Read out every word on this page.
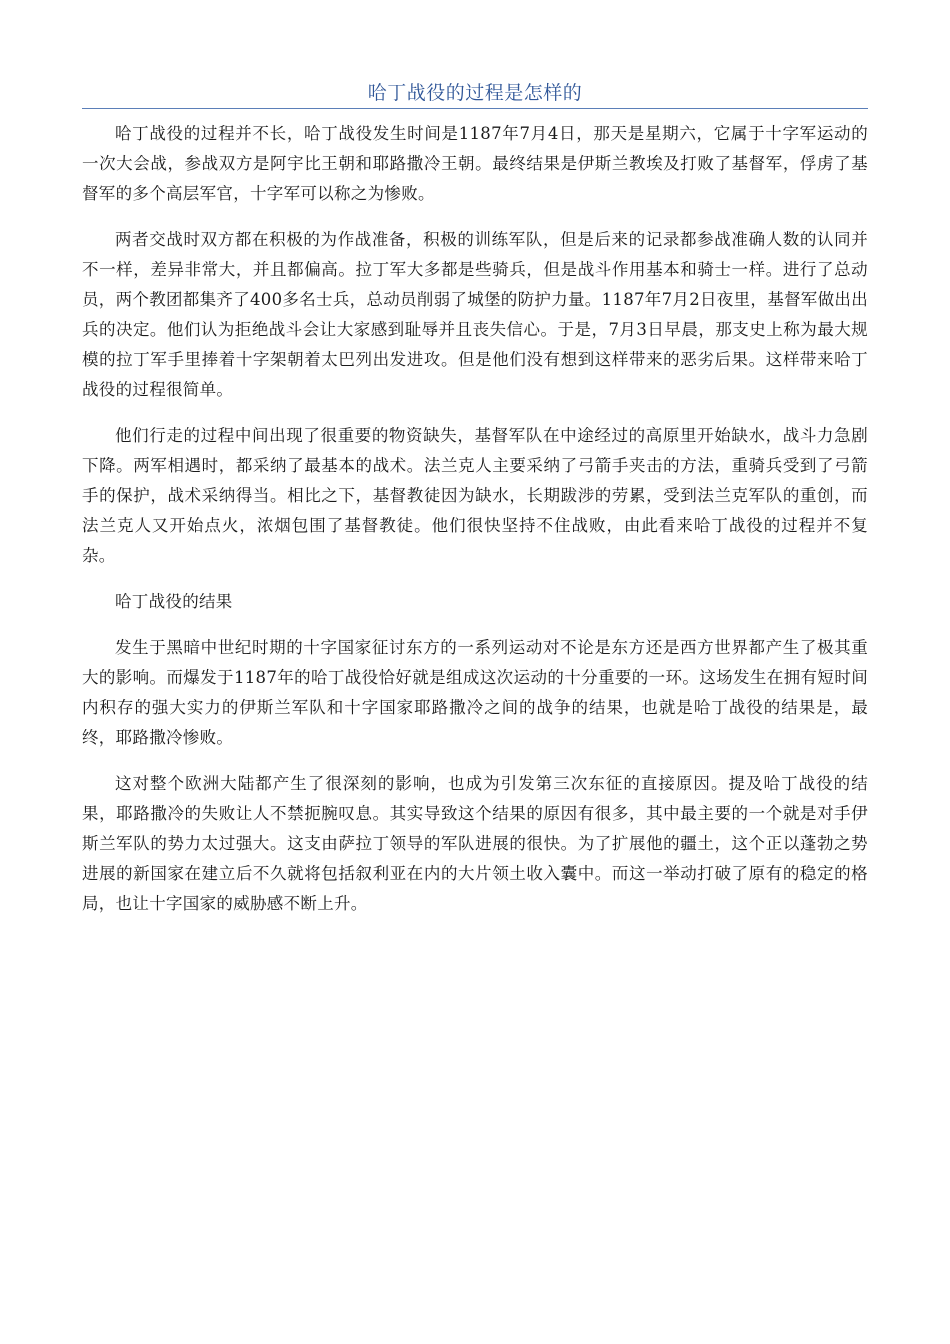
哈丁战役的过程是怎样的

哈丁战役的过程并不长，哈丁战役发生时间是1187年7月4日，那天是星期六，它属于十字军运动的一次大会战，参战双方是阿宇比王朝和耶路撒冷王朝。最终结果是伊斯兰教埃及打败了基督军，俘虏了基督军的多个高层军官，十字军可以称之为惨败。

两者交战时双方都在积极的为作战准备，积极的训练军队，但是后来的记录都参战准确人数的认同并不一样，差异非常大，并且都偏高。拉丁军大多都是些骑兵，但是战斗作用基本和骑士一样。进行了总动员，两个教团都集齐了400多名士兵，总动员削弱了城堡的防护力量。1187年7月2日夜里，基督军做出出兵的决定。他们认为拒绝战斗会让大家感到耻辱并且丧失信心。于是，7月3日早晨，那支史上称为最大规模的拉丁军手里捧着十字架朝着太巴列出发进攻。但是他们没有想到这样带来的恶劣后果。这样带来哈丁战役的过程很简单。

他们行走的过程中间出现了很重要的物资缺失，基督军队在中途经过的高原里开始缺水，战斗力急剧下降。两军相遇时，都采纳了最基本的战术。法兰克人主要采纳了弓箭手夹击的方法，重骑兵受到了弓箭手的保护，战术采纳得当。相比之下，基督教徒因为缺水，长期跋涉的劳累，受到法兰克军队的重创，而法兰克人又开始点火，浓烟包围了基督教徒。他们很快坚持不住战败，由此看来哈丁战役的过程并不复杂。

哈丁战役的结果

发生于黑暗中世纪时期的十字国家征讨东方的一系列运动对不论是东方还是西方世界都产生了极其重大的影响。而爆发于1187年的哈丁战役恰好就是组成这次运动的十分重要的一环。这场发生在拥有短时间内积存的强大实力的伊斯兰军队和十字国家耶路撒冷之间的战争的结果，也就是哈丁战役的结果是，最终，耶路撒冷惨败。

这对整个欧洲大陆都产生了很深刻的影响，也成为引发第三次东征的直接原因。提及哈丁战役的结果，耶路撒冷的失败让人不禁扼腕叹息。其实导致这个结果的原因有很多，其中最主要的一个就是对手伊斯兰军队的势力太过强大。这支由萨拉丁领导的军队进展的很快。为了扩展他的疆土，这个正以蓬勃之势进展的新国家在建立后不久就将包括叙利亚在内的大片领土收入囊中。而这一举动打破了原有的稳定的格局，也让十字国家的威胁感不断上升。
